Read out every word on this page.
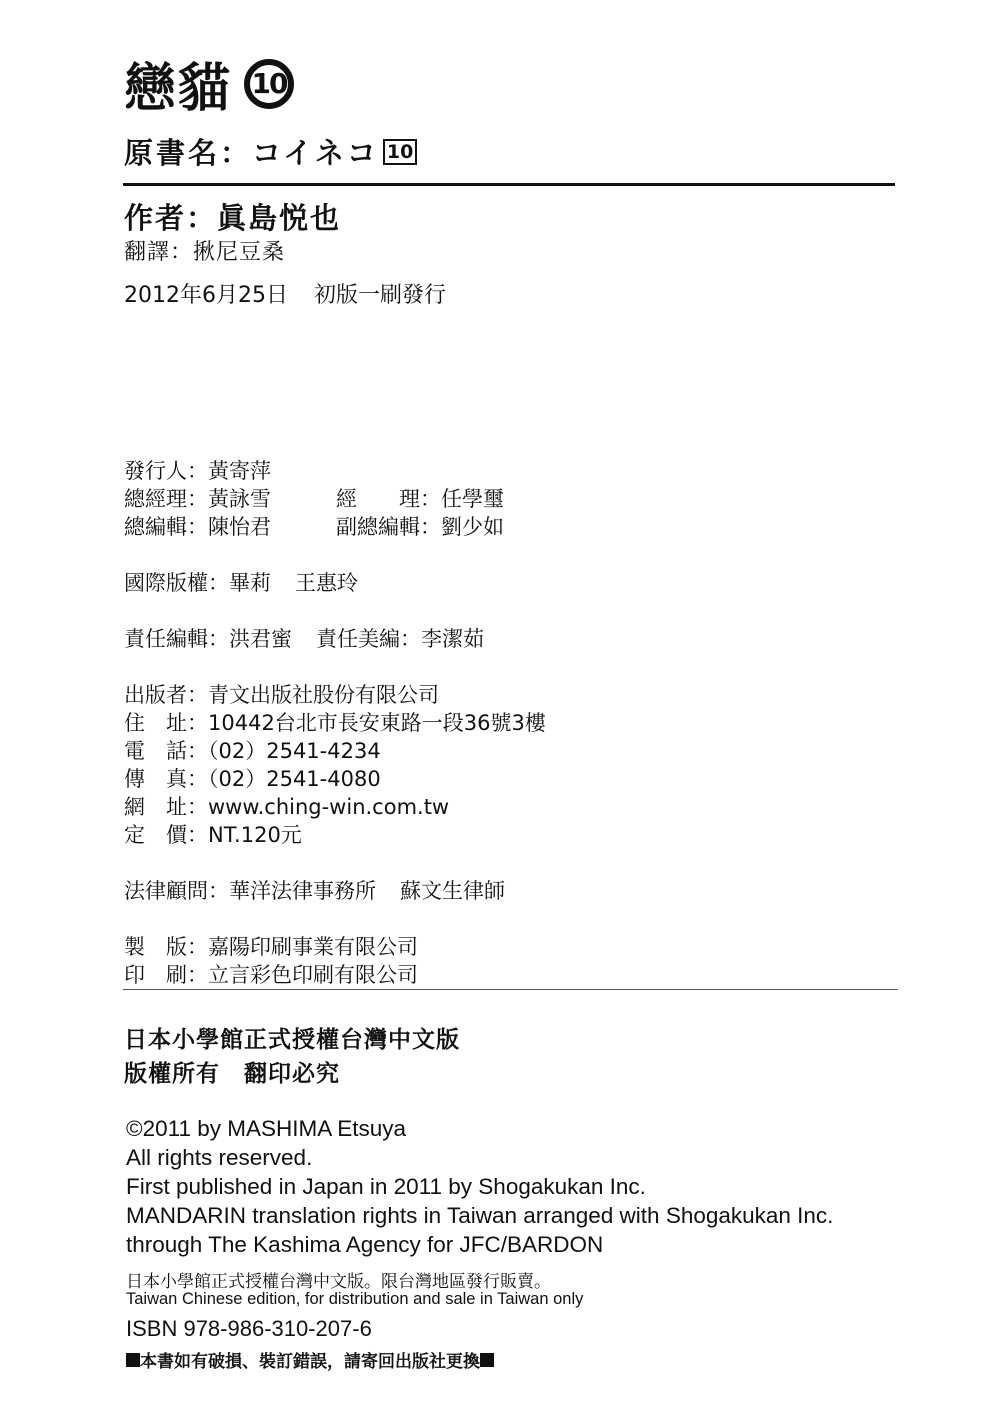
戀貓 10
原書名：コイネコ 10
作者：眞島悦也
翻譯：揪尼豆桑
2012年6月25日 初版一刷發行
發行人：黃寄萍
總經理：黃詠雪	經　　理：任學璽
總編輯：陳怡君	副總編輯：劉少如
國際版權：畢莉 王惠玲
責任編輯：洪君蜜 責任美編：李潔茹
出版者：青文出版社股份有限公司
住　址：10442台北市長安東路一段36號3樓
電　話：（02）2541-4234
傳　真：（02）2541-4080
網　址：www.ching-win.com.tw
定　價：NT.120元
法律顧問：華洋法律事務所 蘇文生律師
製　版：嘉陽印刷事業有限公司
印　刷：立言彩色印刷有限公司
日本小學館正式授權台灣中文版
版權所有　翻印必究
©2011 by MASHIMA Etsuya
All rights reserved.
First published in Japan in 2011 by Shogakukan Inc.
MANDARIN translation rights in Taiwan arranged with Shogakukan Inc.
through The Kashima Agency for JFC/BARDON
日本小學館正式授權台灣中文版。限台灣地區發行販賣。
Taiwan Chinese edition, for distribution and sale in Taiwan only
ISBN 978-986-310-207-6
本書如有破損、裝訂錯誤，請寄回出版社更換
